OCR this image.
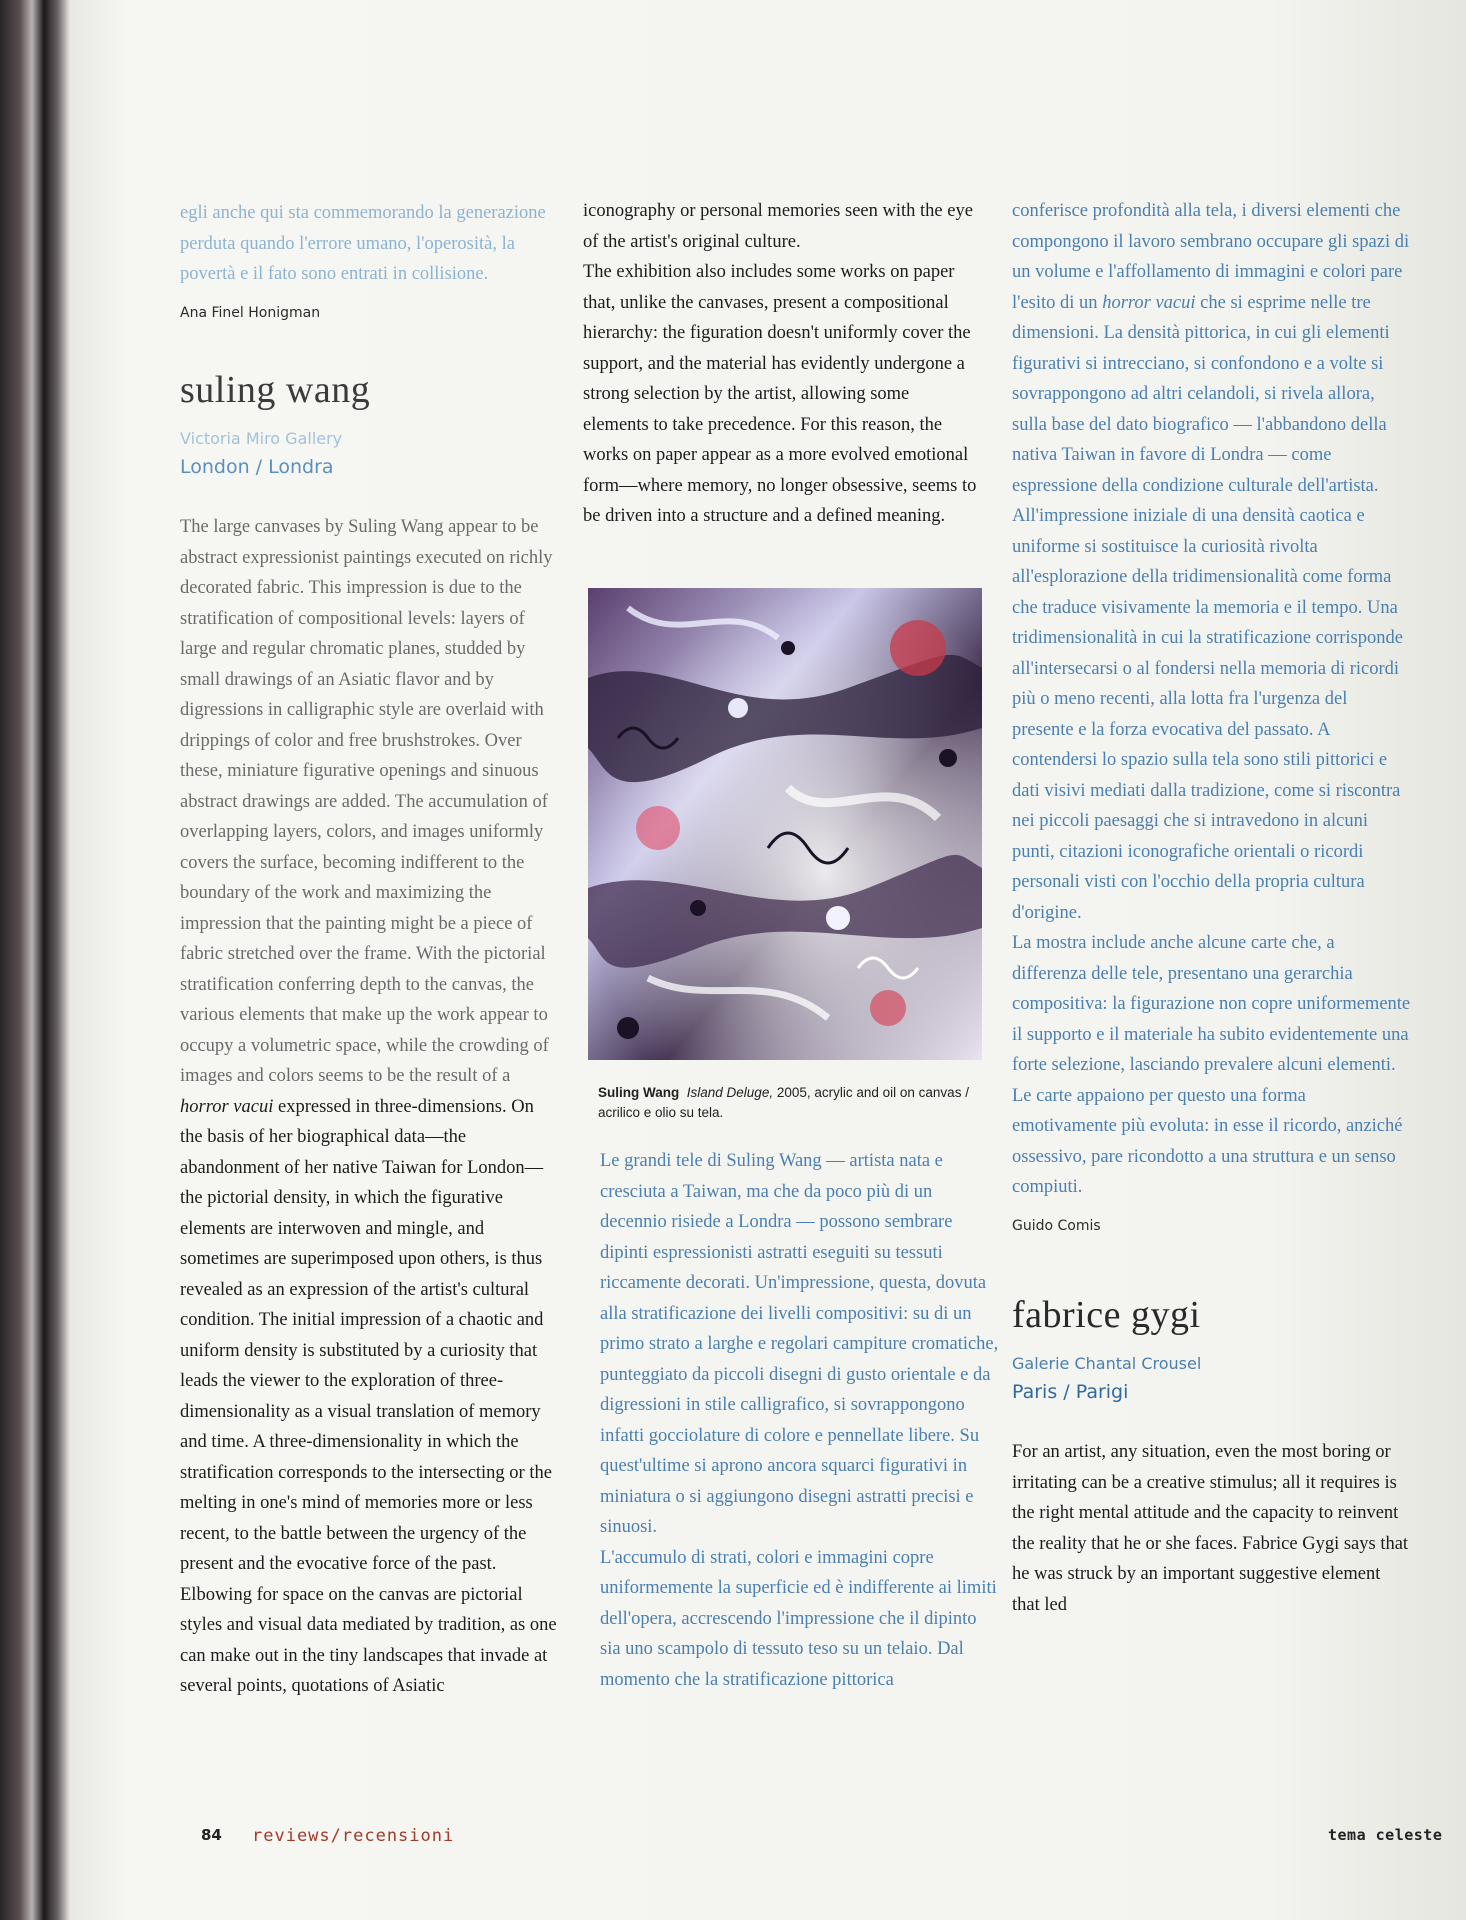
egli anche qui sta commemorando la generazione perduta quando l'errore umano, l'operosità, la povertà e il fato sono entrati in collisione.

Ana Finel Honigman

suling wang

Victoria Miro Gallery

London / Londra

The large canvases by Suling Wang appear to be abstract expressionist paintings executed on richly decorated fabric. This impression is due to the stratification of compositional levels: layers of large and regular chromatic planes, studded by small drawings of an Asiatic flavor and by digressions in calligraphic style are overlaid with drippings of color and free brushstrokes. Over these, miniature figurative openings and sinuous abstract drawings are added. The accumulation of overlapping layers, colors, and images uniformly covers the surface, becoming indifferent to the boundary of the work and maximizing the impression that the painting might be a piece of fabric stretched over the frame. With the pictorial stratification conferring depth to the canvas, the various elements that make up the work appear to occupy a volumetric space, while the crowding of images and colors seems to be the result of a horror vacui expressed in three-dimensions. On the basis of her biographical data—the abandonment of her native Taiwan for London—the pictorial density, in which the figurative elements are interwoven and mingle, and sometimes are superimposed upon others, is thus revealed as an expression of the artist's cultural condition. The initial impression of a chaotic and uniform density is substituted by a curiosity that leads the viewer to the exploration of three-dimensionality as a visual translation of memory and time. A three-dimensionality in which the stratification corresponds to the intersecting or the melting in one's mind of memories more or less recent, to the battle between the urgency of the present and the evocative force of the past. Elbowing for space on the canvas are pictorial styles and visual data mediated by tradition, as one can make out in the tiny landscapes that invade at several points, quotations of Asiatic

iconography or personal memories seen with the eye of the artist's original culture.

The exhibition also includes some works on paper that, unlike the canvases, present a compositional hierarchy: the figuration doesn't uniformly cover the support, and the material has evidently undergone a strong selection by the artist, allowing some elements to take precedence. For this reason, the works on paper appear as a more evolved emotional form—where memory, no longer obsessive, seems to be driven into a structure and a defined meaning.

Suling Wang Island Deluge, 2005, acrylic and oil on canvas / acrilico e olio su tela.

Le grandi tele di Suling Wang — artista nata e cresciuta a Taiwan, ma che da poco più di un decennio risiede a Londra — possono sembrare dipinti espressionisti astratti eseguiti su tessuti riccamente decorati. Un'impressione, questa, dovuta alla stratificazione dei livelli compositivi: su di un primo strato a larghe e regolari campiture cromatiche, punteggiato da piccoli disegni di gusto orientale e da digressioni in stile calligrafico, si sovrappongono infatti gocciolature di colore e pennellate libere. Su quest'ultime si aprono ancora squarci figurativi in miniatura o si aggiungono disegni astratti precisi e sinuosi.

L'accumulo di strati, colori e immagini copre uniformemente la superficie ed è indifferente ai limiti dell'opera, accrescendo l'impressione che il dipinto sia uno scampolo di tessuto teso su un telaio. Dal momento che la stratificazione pittorica

conferisce profondità alla tela, i diversi elementi che compongono il lavoro sembrano occupare gli spazi di un volume e l'affollamento di immagini e colori pare l'esito di un horror vacui che si esprime nelle tre dimensioni. La densità pittorica, in cui gli elementi figurativi si intrecciano, si confondono e a volte si sovrappongono ad altri celandoli, si rivela allora, sulla base del dato biografico — l'abbandono della nativa Taiwan in favore di Londra — come espressione della condizione culturale dell'artista. All'impressione iniziale di una densità caotica e uniforme si sostituisce la curiosità rivolta all'esplorazione della tridimensionalità come forma che traduce visivamente la memoria e il tempo. Una tridimensionalità in cui la stratificazione corrisponde all'intersecarsi o al fondersi nella memoria di ricordi più o meno recenti, alla lotta fra l'urgenza del presente e la forza evocativa del passato. A contendersi lo spazio sulla tela sono stili pittorici e dati visivi mediati dalla tradizione, come si riscontra nei piccoli paesaggi che si intravedono in alcuni punti, citazioni iconografiche orientali o ricordi personali visti con l'occhio della propria cultura d'origine.

La mostra include anche alcune carte che, a differenza delle tele, presentano una gerarchia compositiva: la figurazione non copre uniformemente il supporto e il materiale ha subito evidentemente una forte selezione, lasciando prevalere alcuni elementi. Le carte appaiono per questo una forma emotivamente più evoluta: in esse il ricordo, anziché ossessivo, pare ricondotto a una struttura e un senso compiuti.

Guido Comis

fabrice gygi

Galerie Chantal Crousel

Paris / Parigi

For an artist, any situation, even the most boring or irritating can be a creative stimulus; all it requires is the right mental attitude and the capacity to reinvent the reality that he or she faces. Fabrice Gygi says that he was struck by an important suggestive element that led

84 reviews/recensioni	tema celeste
